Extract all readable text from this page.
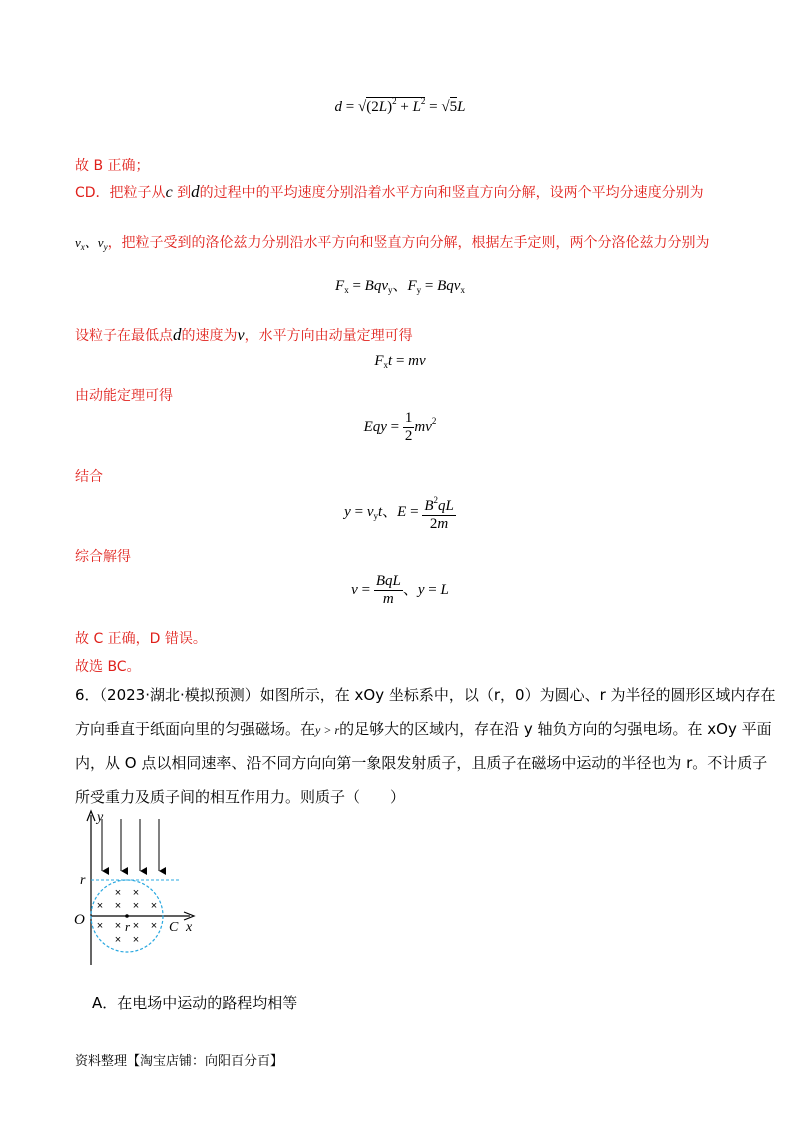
$d = √(2L)^2 + L^2 = √5L$
故 B 正确；
CD．把粒子从c 到d的过程中的平均速度分别沿着水平方向和竖直方向分解，设两个平均分速度分别为
$v_x$、$v_y$，把粒子受到的洛伦兹力分别沿水平方向和竖直方向分解，根据左手定则，两个分洛伦兹力分别为
$F_x = Bqv_y$、$F_y = Bqv_x$
设粒子在最低点d的速度为v，水平方向由动量定理可得
$F_xt$ = mv
由动能定理可得
Eqy = $\frac{1}{2} mv^2$
结合
$y = v_yt$、$E = \frac{B^2qL}{2m}$
综合解得
$v = \frac{\text{BqL}}{m}$ 、y = L
故 C 正确，D 错误。
故选 BC。
6．（2023·湖北·模拟预测）如图所示，在 xOy 坐标系中，以（r，0）为圆心、r 为半径的圆形区域内存在
方向垂直于纸面向里的匀强磁场。在y > r的足够大的区域内，存在沿 y 轴负方向的匀强电场。在 xOy 平面
内，从 O 点以相同速率、沿不同方向向第一象限发射质子，且质子在磁场中运动的半径也为 r。不计质子
所受重力及质子间的相互作用力。则质子（　　）
× ×
× × × ×
× × × ×
× ×
y
r
O	r	C x
A．在电场中运动的路程均相等
资料整理【淘宝店铺：向阳百分百】
